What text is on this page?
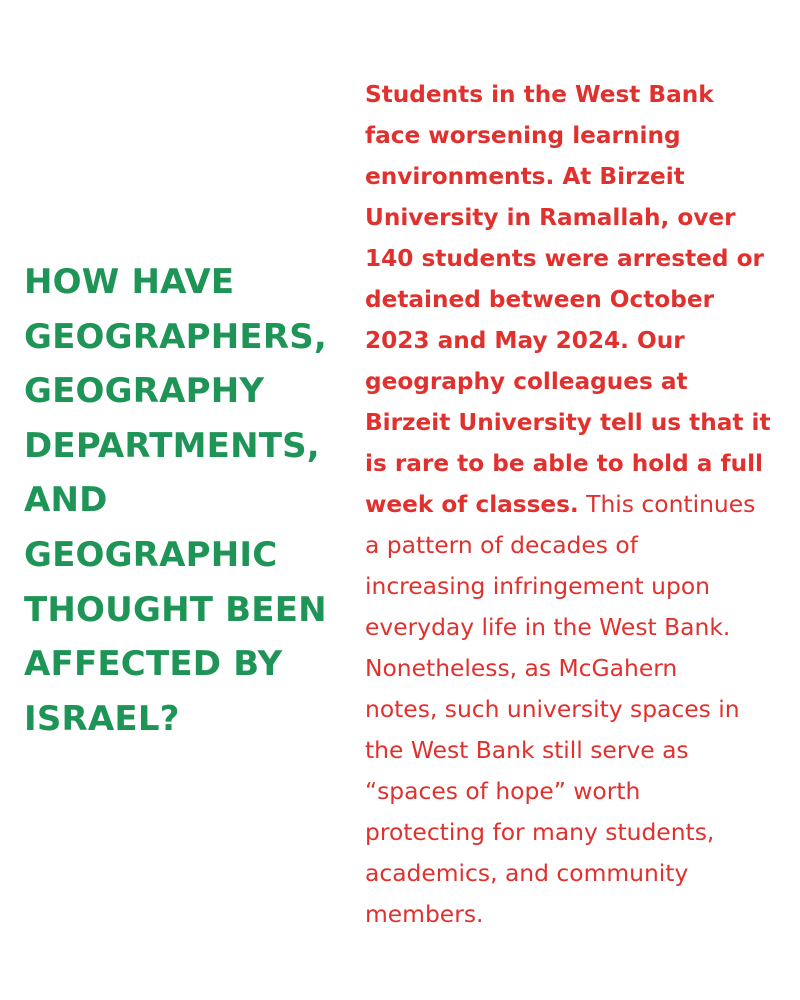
HOW HAVE
GEOGRAPHERS,
GEOGRAPHY
DEPARTMENTS,
AND
GEOGRAPHIC
THOUGHT BEEN
AFFECTED BY
ISRAEL?
Students in the West Bank
face worsening learning
environments. At Birzeit
University in Ramallah, over
140 students were arrested or
detained between October
2023 and May 2024. Our
geography colleagues at
Birzeit University tell us that it
is rare to be able to hold a full
week of classes. This continues
a pattern of decades of
increasing infringement upon
everyday life in the West Bank.
Nonetheless, as McGahern
notes, such university spaces in
the West Bank still serve as
“spaces of hope” worth
protecting for many students,
academics, and community
members.
